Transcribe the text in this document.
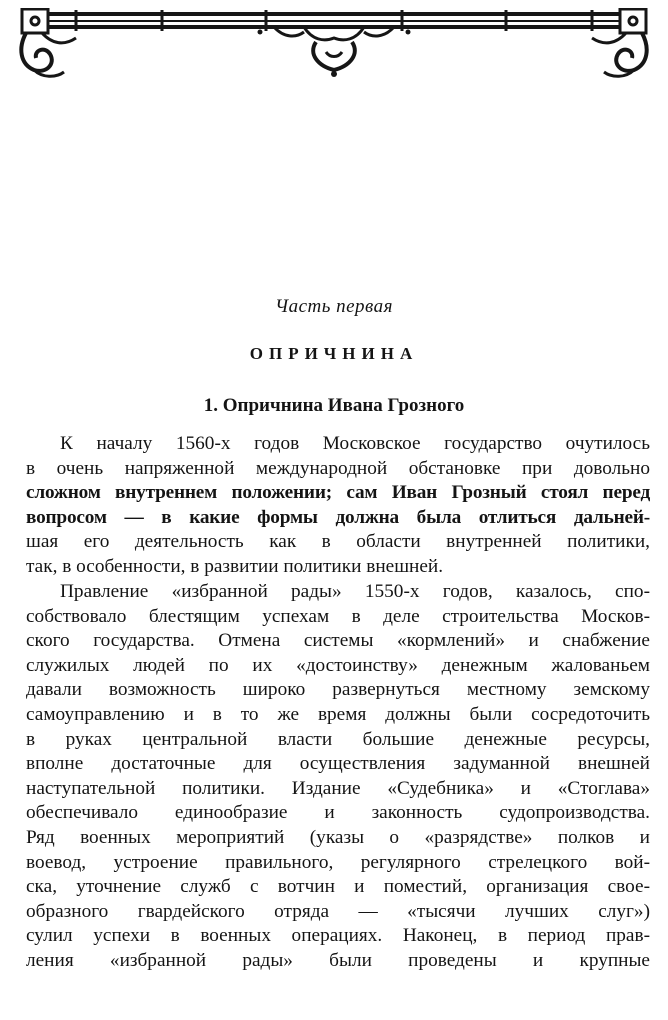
Часть первая
ОПРИЧНИНА
1. Опричнина Ивана Грозного
К началу 1560-х годов Московское государство очутилось
в очень напряженной международной обстановке при довольно
сложном внутреннем положении; сам Иван Грозный стоял перед
вопросом — в какие формы должна была отлиться дальней-
шая его деятельность как в области внутренней политики,
так, в особенности, в развитии политики внешней.
Правление «избранной рады» 1550-х годов, казалось, спо-
собствовало блестящим успехам в деле строительства Москов-
ского государства. Отмена системы «кормлений» и снабжение
служилых людей по их «достоинству» денежным жалованьем
давали возможность широко развернуться местному земскому
самоуправлению и в то же время должны были сосредоточить
в руках центральной власти большие денежные ресурсы,
вполне достаточные для осуществления задуманной внешней
наступательной политики. Издание «Судебника» и «Стоглава»
обеспечивало единообразие и законность судопроизводства.
Ряд военных мероприятий (указы о «разрядстве» полков и
воевод, устроение правильного, регулярного стрелецкого вой-
ска, уточнение служб с вотчин и поместий, организация свое-
образного гвардейского отряда — «тысячи лучших слуг»)
сулил успехи в военных операциях. Наконец, в период прав-
ления «избранной рады» были проведены и крупные
